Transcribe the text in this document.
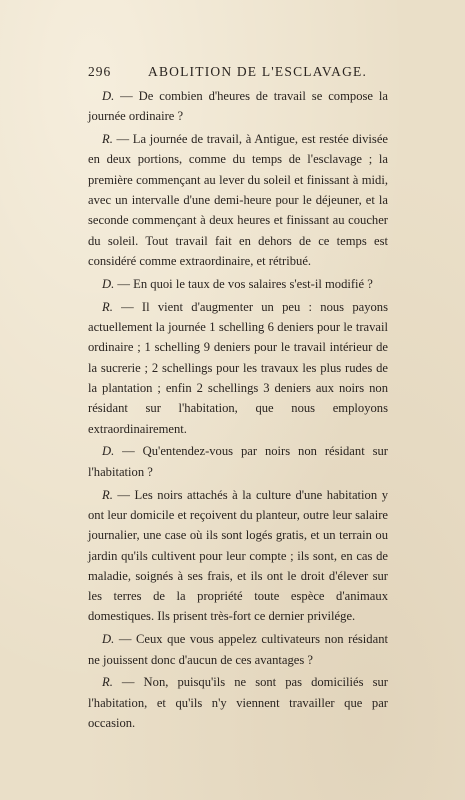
296	ABOLITION DE L'ESCLAVAGE.

D. — De combien d'heures de travail se compose la journée ordinaire ?

R. — La journée de travail, à Antigue, est restée divisée en deux portions, comme du temps de l'esclavage ; la première commençant au lever du soleil et finissant à midi, avec un intervalle d'une demi-heure pour le déjeuner, et la seconde commençant à deux heures et finissant au coucher du soleil. Tout travail fait en dehors de ce temps est considéré comme extraordinaire, et rétribué.

D. — En quoi le taux de vos salaires s'est-il modifié ?

R. — Il vient d'augmenter un peu : nous payons actuellement la journée 1 schelling 6 deniers pour le travail ordinaire ; 1 schelling 9 deniers pour le travail intérieur de la sucrerie ; 2 schellings pour les travaux les plus rudes de la plantation ; enfin 2 schellings 3 deniers aux noirs non résidant sur l'habitation, que nous employons extraordinairement.

D. — Qu'entendez-vous par noirs non résidant sur l'habitation ?

R. — Les noirs attachés à la culture d'une habitation y ont leur domicile et reçoivent du planteur, outre leur salaire journalier, une case où ils sont logés gratis, et un terrain ou jardin qu'ils cultivent pour leur compte ; ils sont, en cas de maladie, soignés à ses frais, et ils ont le droit d'élever sur les terres de la propriété toute espèce d'animaux domestiques. Ils prisent très-fort ce dernier privilége.

D. — Ceux que vous appelez cultivateurs non résidant ne jouissent donc d'aucun de ces avantages ?

R. — Non, puisqu'ils ne sont pas domiciliés sur l'habitation, et qu'ils n'y viennent travailler que par occasion.
